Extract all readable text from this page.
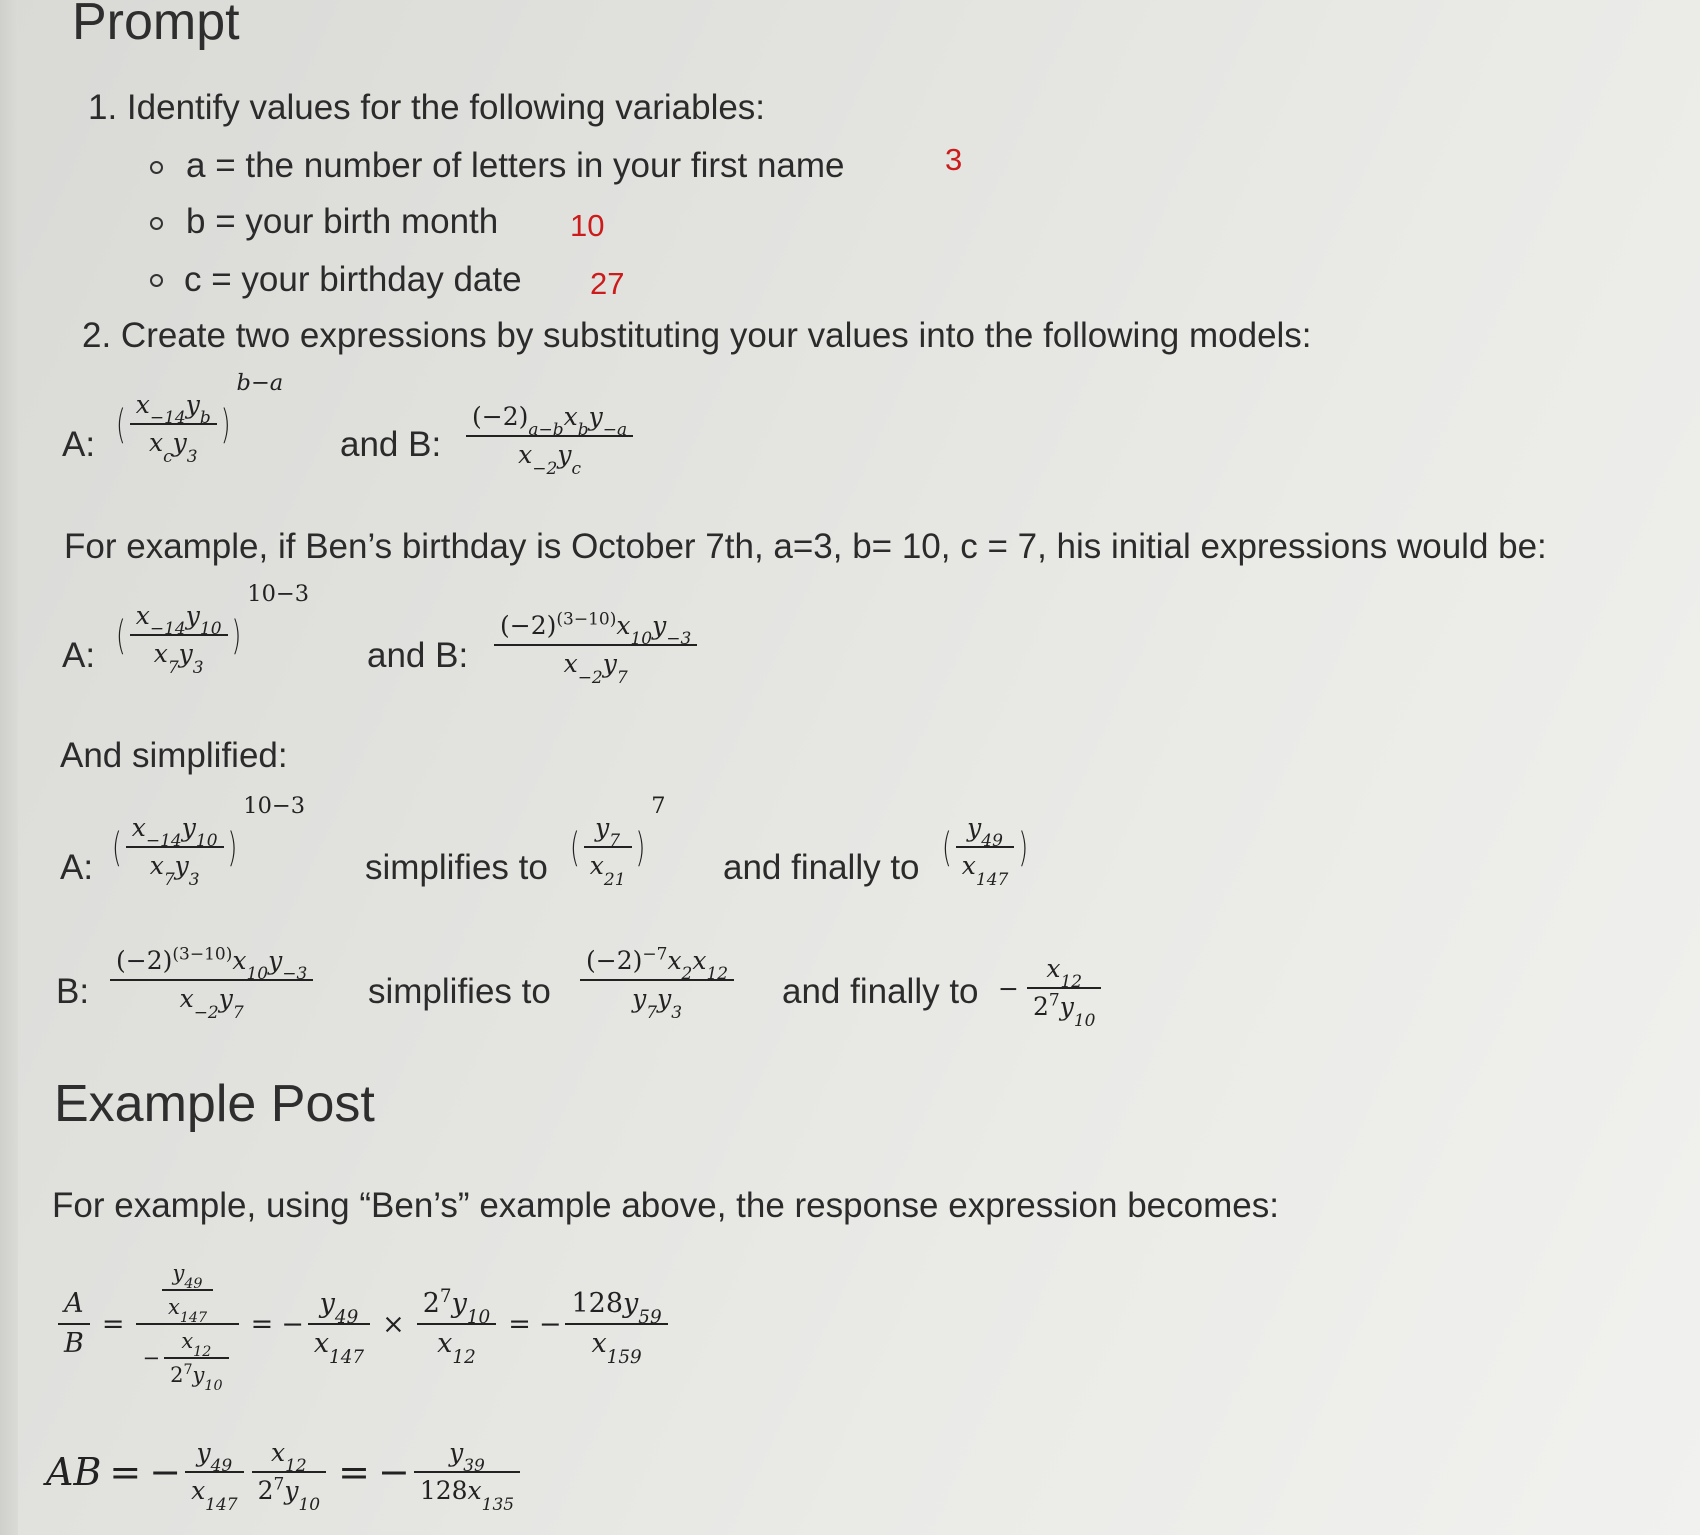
Prompt
1. Identify values for the following variables:
a = the number of letters in your first name	3
b = your birth month 10
c = your birthday date 27
2. Create two expressions by substituting your values into the following models:
A: ( $\frac{\text{x −14 y b}}{\text{x c y 3}}$ )
b−a
and B: $\frac{\text{(−2) a−b x b y −a}}{\text{x −2 y c}}$
For example, if Ben’s birthday is October 7th, a=3, b= 10, c = 7, his initial expressions would be:
A: ( $\frac{x -14 y 10}{x 7 y 3}$ )
10−3
and B: $\frac{(-2)^{(3-10)} x 10 y -3}{x -2 y 7}$
And simplified:
A: ( $\frac{x -14 y 10}{x 7 y 3}$ )
10−3
simplifies to ( $\frac{y 7}{x 21}$ )
7
and finally to ( $\frac{y 49}{x 147}$ )
B: $\frac{(-2)^{(3-10)} x 10 y -3}{x -2 y 7}$ simplifies to $\frac{(-2)^{-7} x 2 x 12}{y 7 y 3}$ and finally to − $\frac{x 12}{2^7 y 10}$
Example Post
For example, using “Ben’s” example above, the response expression becomes:
$\frac{A}{B} = \frac{\frac{y 49}{x 147}}{- \frac{x 12}{2^7 y 10}}$ = − $\frac{y 49}{x 147} \times \frac{2^7 y 10}{x 12}$ = − $\frac{128 y 59}{x 159}$
AB = − $\frac{y 49}{x 147} \frac{x 12}{2^7 y 10}$ = − $\frac{y 39}{128 x 135}$
